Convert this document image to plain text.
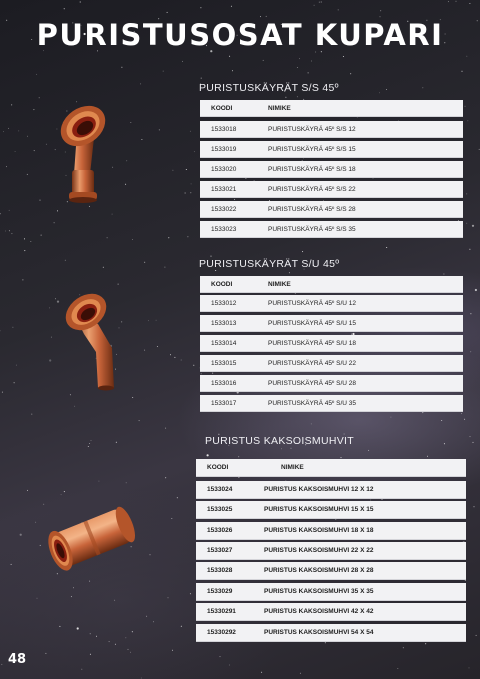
PURISTUSOSAT KUPARI
PURISTUSKÄYRÄT S/S 45º
KOODI	NIMIKE
1533018	PURISTUSKÄYRÄ 45º S/S 12
1533019	PURISTUSKÄYRÄ 45º S/S 15
1533020	PURISTUSKÄYRÄ 45º S/S 18
1533021	PURISTUSKÄYRÄ 45º S/S 22
1533022	PURISTUSKÄYRÄ 45º S/S 28
1533023	PURISTUSKÄYRÄ 45º S/S 35
PURISTUSKÄYRÄT S/U 45º
KOODI	NIMIKE
1533012	PURISTUSKÄYRÄ 45º S/U 12
1533013	PURISTUSKÄYRÄ 45º S/U 15
1533014	PURISTUSKÄYRÄ 45º S/U 18
1533015	PURISTUSKÄYRÄ 45º S/U 22
1533016	PURISTUSKÄYRÄ 45º S/U 28
1533017	PURISTUSKÄYRÄ 45º S/U 35
PURISTUS KAKSOISMUHVIT
KOODI	NIMIKE
1533024	PURISTUS KAKSOISMUHVI 12 X 12
1533025	PURISTUS KAKSOISMUHVI 15 X 15
1533026	PURISTUS KAKSOISMUHVI 18 X 18
1533027	PURISTUS KAKSOISMUHVI 22 X 22
1533028	PURISTUS KAKSOISMUHVI 28 X 28
1533029	PURISTUS KAKSOISMUHVI 35 X 35
15330291	PURISTUS KAKSOISMUHVI 42 X 42
15330292	PURISTUS KAKSOISMUHVI 54 X 54
48
